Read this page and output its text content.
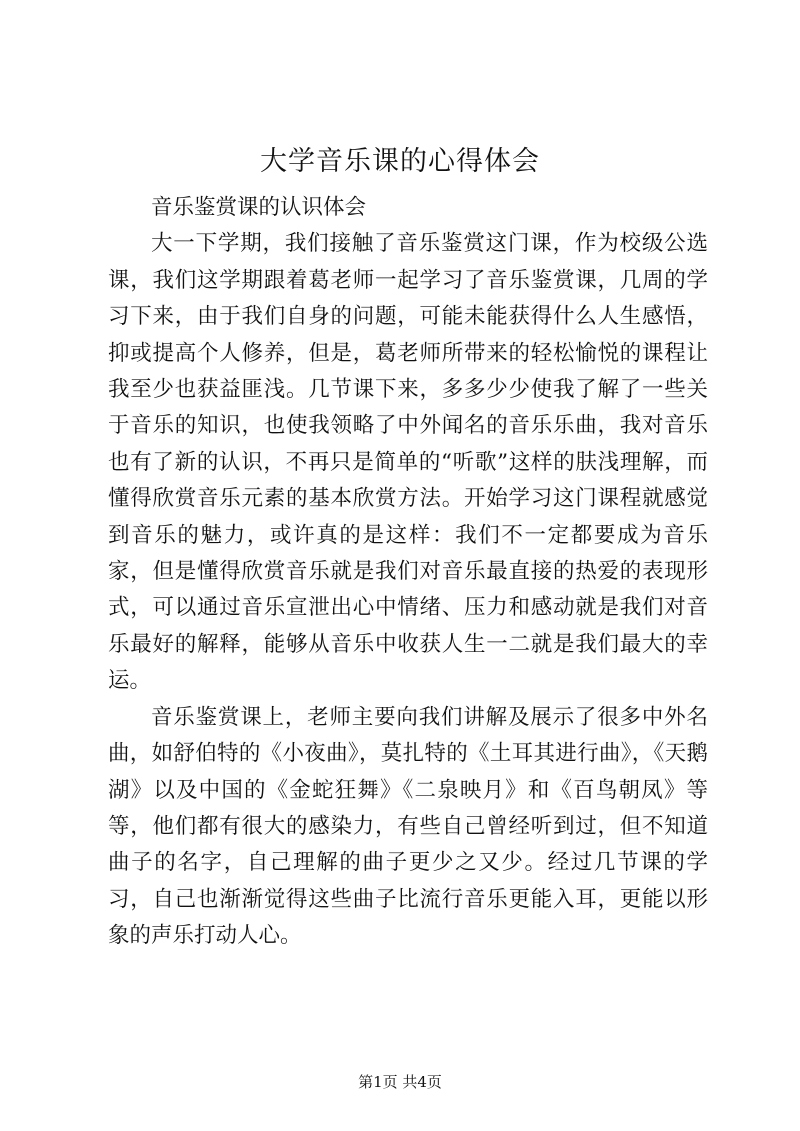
大学音乐课的心得体会

音乐鉴赏课的认识体会

大一下学期，我们接触了音乐鉴赏这门课，作为校级公选课，我们这学期跟着葛老师一起学习了音乐鉴赏课，几周的学习下来，由于我们自身的问题，可能未能获得什么人生感悟，抑或提高个人修养，但是，葛老师所带来的轻松愉悦的课程让我至少也获益匪浅。几节课下来，多多少少使我了解了一些关于音乐的知识，也使我领略了中外闻名的音乐乐曲，我对音乐也有了新的认识，不再只是简单的“听歌”这样的肤浅理解，而懂得欣赏音乐元素的基本欣赏方法。开始学习这门课程就感觉到音乐的魅力，或许真的是这样：我们不一定都要成为音乐家，但是懂得欣赏音乐就是我们对音乐最直接的热爱的表现形式，可以通过音乐宣泄出心中情绪、压力和感动就是我们对音乐最好的解释，能够从音乐中收获人生一二就是我们最大的幸运。

音乐鉴赏课上，老师主要向我们讲解及展示了很多中外名曲，如舒伯特的《小夜曲》，莫扎特的《土耳其进行曲》，《天鹅湖》以及中国的《金蛇狂舞》《二泉映月》和《百鸟朝凤》等等，他们都有很大的感染力，有些自己曾经听到过，但不知道曲子的名字，自己理解的曲子更少之又少。经过几节课的学习，自己也渐渐觉得这些曲子比流行音乐更能入耳，更能以形象的声乐打动人心。

第1页 共4页
